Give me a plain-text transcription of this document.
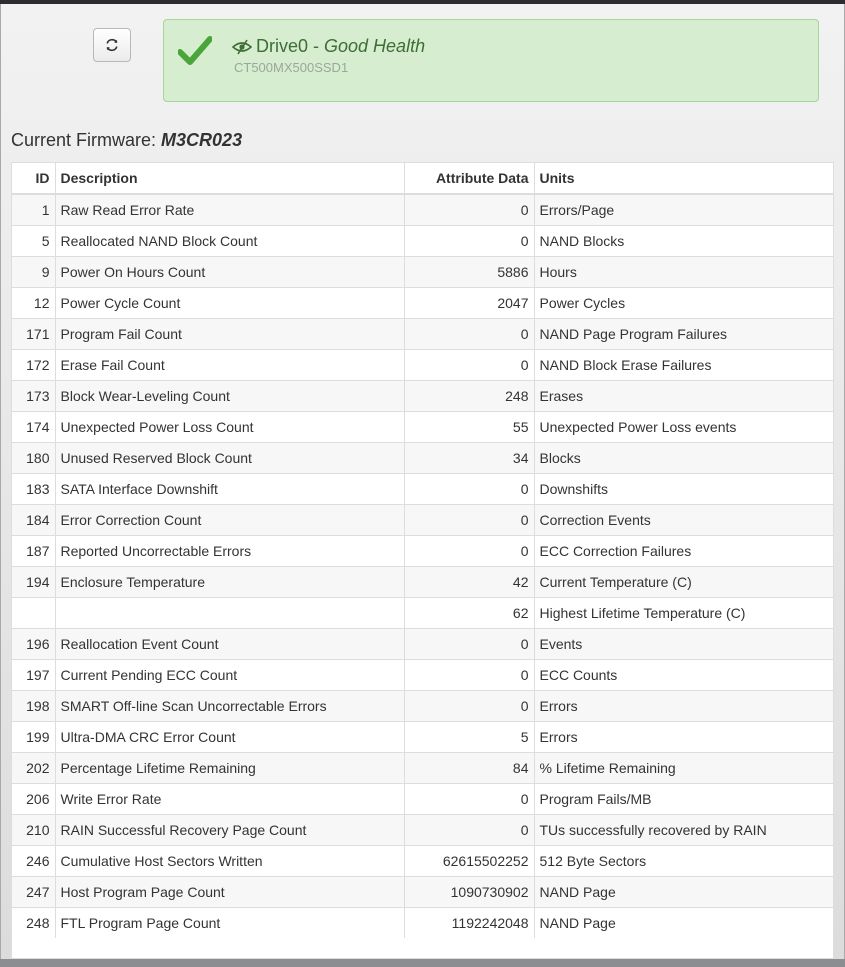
Drive0 - Good Health
CT500MX500SSD1
Current Firmware: M3CR023
ID	Description	Attribute Data	Units
1	Raw Read Error Rate	0	Errors/Page
5	Reallocated NAND Block Count	0	NAND Blocks
9	Power On Hours Count	5886	Hours
12	Power Cycle Count	2047	Power Cycles
171	Program Fail Count	0	NAND Page Program Failures
172	Erase Fail Count	0	NAND Block Erase Failures
173	Block Wear-Leveling Count	248	Erases
174	Unexpected Power Loss Count	55	Unexpected Power Loss events
180	Unused Reserved Block Count	34	Blocks
183	SATA Interface Downshift	0	Downshifts
184	Error Correction Count	0	Correction Events
187	Reported Uncorrectable Errors	0	ECC Correction Failures
194	Enclosure Temperature	42	Current Temperature (C)
		62	Highest Lifetime Temperature (C)
196	Reallocation Event Count	0	Events
197	Current Pending ECC Count	0	ECC Counts
198	SMART Off-line Scan Uncorrectable Errors	0	Errors
199	Ultra-DMA CRC Error Count	5	Errors
202	Percentage Lifetime Remaining	84	% Lifetime Remaining
206	Write Error Rate	0	Program Fails/MB
210	RAIN Successful Recovery Page Count	0	TUs successfully recovered by RAIN
246	Cumulative Host Sectors Written	62615502252	512 Byte Sectors
247	Host Program Page Count	1090730902	NAND Page
248	FTL Program Page Count	1192242048	NAND Page
